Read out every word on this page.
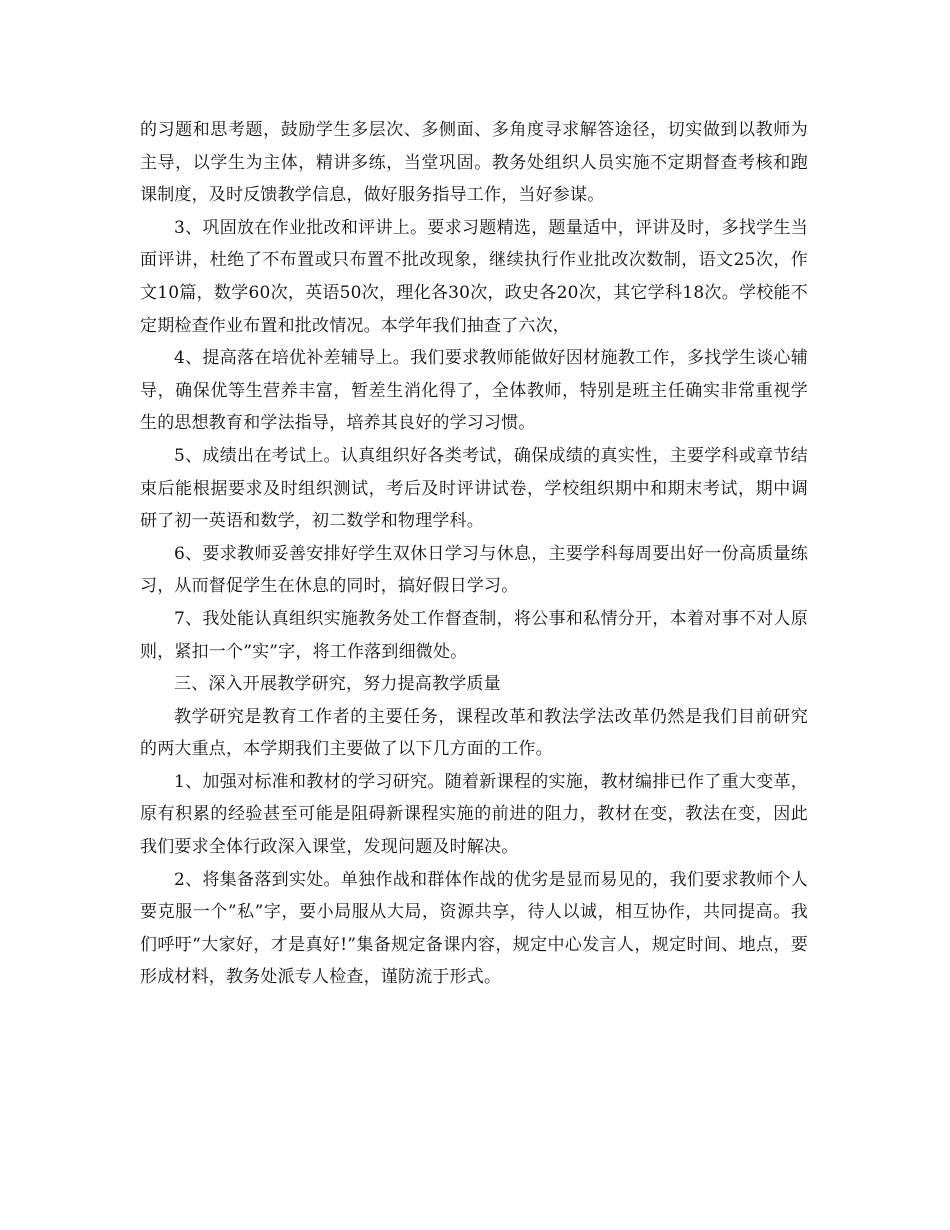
的习题和思考题，鼓励学生多层次、多侧面、多角度寻求解答途径，切实做到以教师为主导，以学生为主体，精讲多练，当堂巩固。教务处组织人员实施不定期督查考核和跑课制度，及时反馈教学信息，做好服务指导工作，当好参谋。

3、巩固放在作业批改和评讲上。要求习题精选，题量适中，评讲及时，多找学生当面评讲，杜绝了不布置或只布置不批改现象，继续执行作业批改次数制，语文25次，作文10篇，数学60次，英语50次，理化各30次，政史各20次，其它学科18次。学校能不定期检查作业布置和批改情况。本学年我们抽查了六次，

4、提高落在培优补差辅导上。我们要求教师能做好因材施教工作，多找学生谈心辅导，确保优等生营养丰富，暂差生消化得了，全体教师，特别是班主任确实非常重视学生的思想教育和学法指导，培养其良好的学习习惯。

5、成绩出在考试上。认真组织好各类考试，确保成绩的真实性，主要学科或章节结束后能根据要求及时组织测试，考后及时评讲试卷，学校组织期中和期末考试，期中调研了初一英语和数学，初二数学和物理学科。

6、要求教师妥善安排好学生双休日学习与休息，主要学科每周要出好一份高质量练习，从而督促学生在休息的同时，搞好假日学习。

7、我处能认真组织实施教务处工作督查制，将公事和私情分开，本着对事不对人原则，紧扣一个”实”字，将工作落到细微处。

三、深入开展教学研究，努力提高教学质量

教学研究是教育工作者的主要任务，课程改革和教法学法改革仍然是我们目前研究的两大重点，本学期我们主要做了以下几方面的工作。

1、加强对标准和教材的学习研究。随着新课程的实施，教材编排已作了重大变革，原有积累的经验甚至可能是阻碍新课程实施的前进的阻力，教材在变，教法在变，因此我们要求全体行政深入课堂，发现问题及时解决。

2、将集备落到实处。单独作战和群体作战的优劣是显而易见的，我们要求教师个人要克服一个”私”字，要小局服从大局，资源共享，待人以诚，相互协作，共同提高。我们呼吁“大家好，才是真好!”集备规定备课内容，规定中心发言人，规定时间、地点，要形成材料，教务处派专人检查，谨防流于形式。
